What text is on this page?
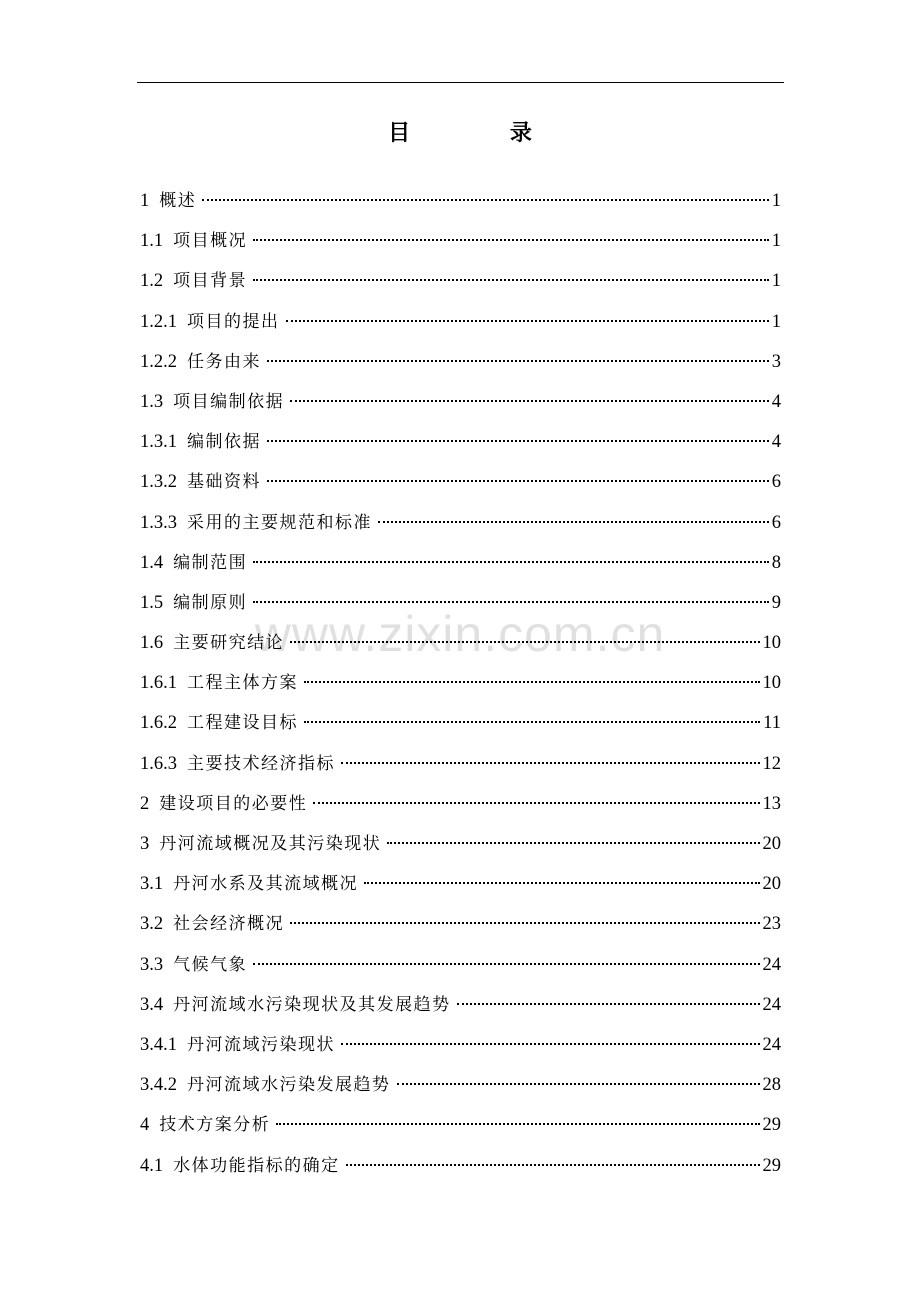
目 录
1 概述	1
1.1 项目概况	1
1.2 项目背景	1
1.2.1 项目的提出	1
1.2.2 任务由来	3
1.3 项目编制依据	4
1.3.1 编制依据	4
1.3.2 基础资料	6
1.3.3 采用的主要规范和标准	6
1.4 编制范围	8
1.5 编制原则	9
1.6 主要研究结论	10
1.6.1 工程主体方案	10
1.6.2 工程建设目标	11
1.6.3 主要技术经济指标	12
2 建设项目的必要性	13
3 丹河流域概况及其污染现状	20
3.1 丹河水系及其流域概况	20
3.2 社会经济概况	23
3.3 气候气象	24
3.4 丹河流域水污染现状及其发展趋势	24
3.4.1 丹河流域污染现状	24
3.4.2 丹河流域水污染发展趋势	28
4 技术方案分析	29
4.1 水体功能指标的确定	29
www.zixin.com.cn
